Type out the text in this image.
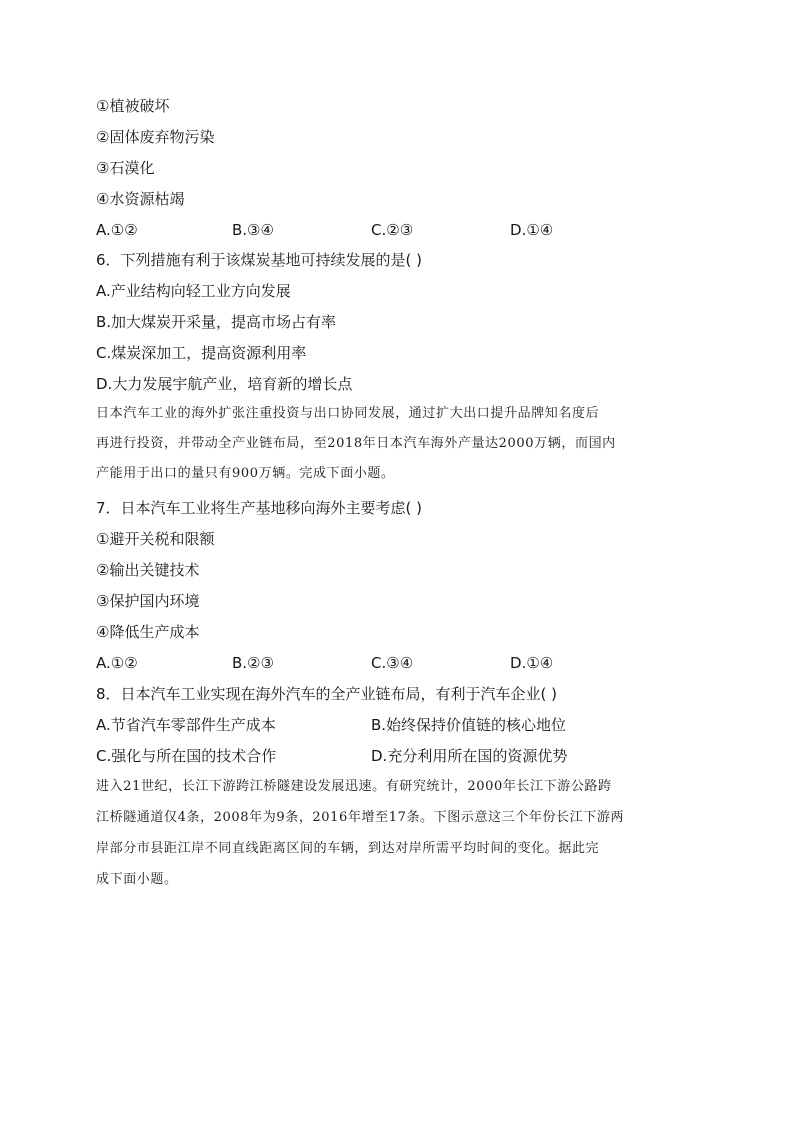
①植被破坏
②固体废弃物污染
③石漠化
④水资源枯竭
A.①②	B.③④	C.②③	D.①④
6．下列措施有利于该煤炭基地可持续发展的是( )
A.产业结构向轻工业方向发展
B.加大煤炭开采量，提高市场占有率
C.煤炭深加工，提高资源利用率
D.大力发展宇航产业，培育新的增长点
日本汽车工业的海外扩张注重投资与出口协同发展，通过扩大出口提升品牌知名度后
再进行投资，并带动全产业链布局，至2018年日本汽车海外产量达2000万辆，而国内
产能用于出口的量只有900万辆。完成下面小题。
7．日本汽车工业将生产基地移向海外主要考虑( )
①避开关税和限额
②输出关键技术
③保护国内环境
④降低生产成本
A.①②	B.②③	C.③④	D.①④
8．日本汽车工业实现在海外汽车的全产业链布局，有利于汽车企业( )
A.节省汽车零部件生产成本	B.始终保持价值链的核心地位
C.强化与所在国的技术合作	D.充分利用所在国的资源优势
进入21世纪，长江下游跨江桥隧建设发展迅速。有研究统计，2000年长江下游公路跨
江桥隧通道仅4条，2008年为9条，2016年增至17条。下图示意这三个年份长江下游两
岸部分市县距江岸不同直线距离区间的车辆，到达对岸所需平均时间的变化。据此完
成下面小题。
